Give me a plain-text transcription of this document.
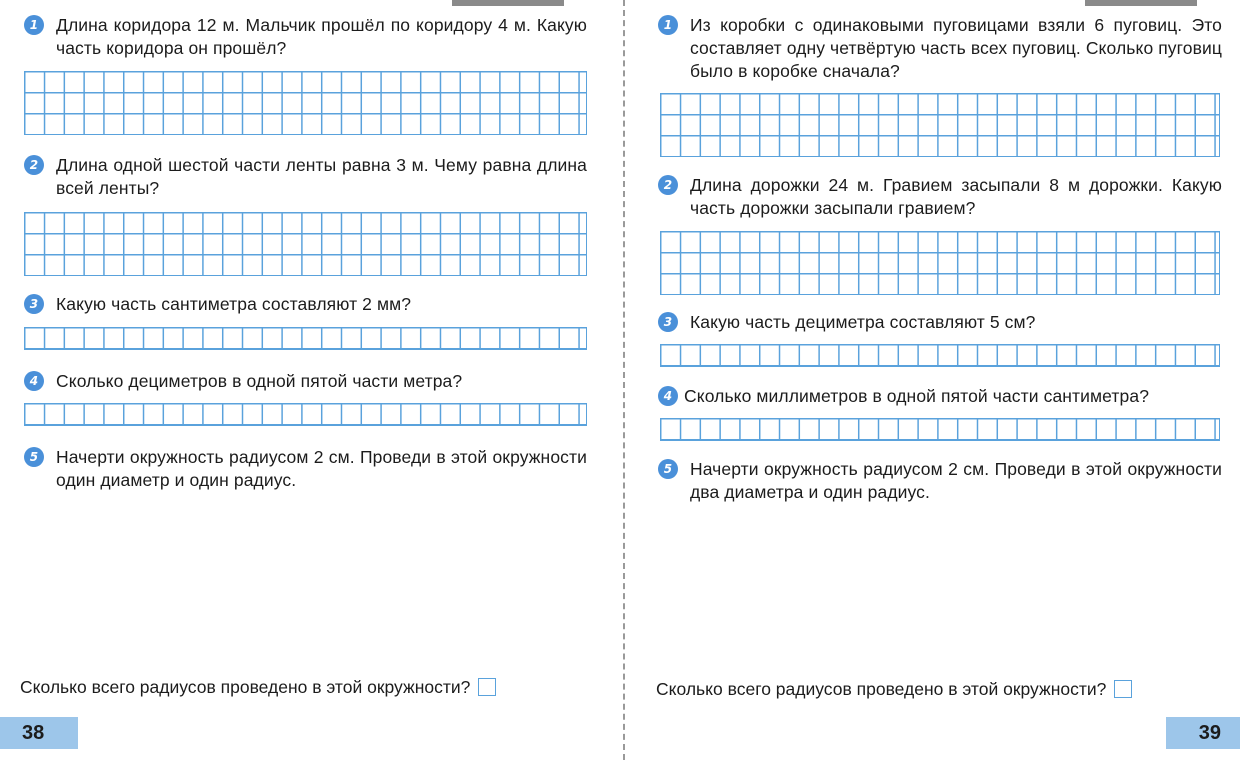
1	Длина коридора 12 м. Мальчик прошёл по коридору 4 м. Какую часть коридора он прошёл?
2	Длина одной шестой части ленты равна 3 м. Чему равна длина всей ленты?
3	Какую часть сантиметра составляют 2 мм?
4	Сколько дециметров в одной пятой части метра?
5	Начерти окружность радиусом 2 см. Проведи в этой окружности один диаметр и один радиус.
Сколько всего радиусов проведено в этой окружности?
38
1	Из коробки с одинаковыми пуговицами взяли 6 пуговиц. Это составляет одну четвёртую часть всех пуговиц. Сколько пуговиц было в коробке сначала?
2	Длина дорожки 24 м. Гравием засыпали 8 м дорожки. Какую часть дорожки засыпали гравием?
3	Какую часть дециметра составляют 5 см?
4 Сколько миллиметров в одной пятой части сантиметра?
5	Начерти окружность радиусом 2 см. Проведи в этой окружности два диаметра и один радиус.
Сколько всего радиусов проведено в этой окружности?
39
